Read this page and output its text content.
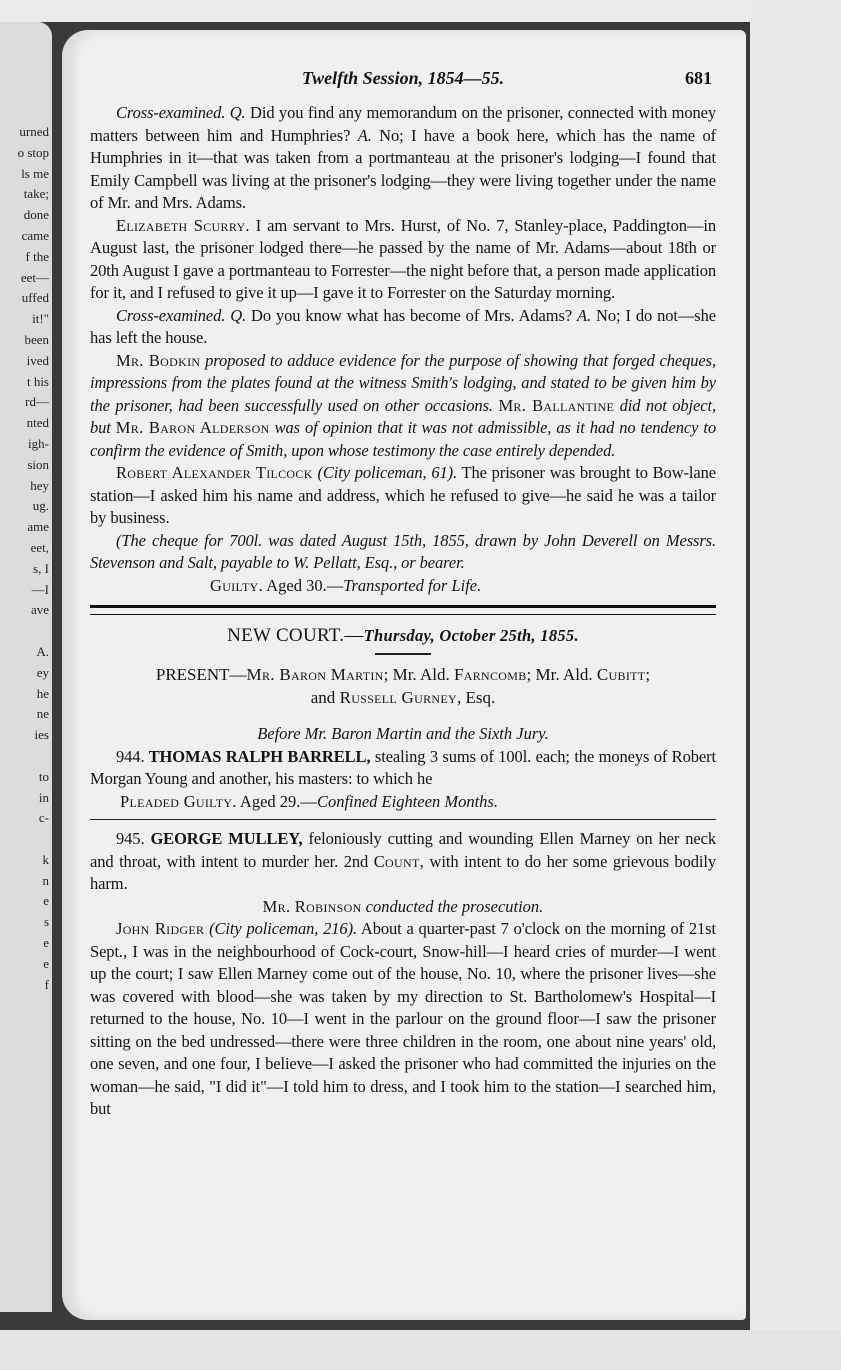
urned
o stop
ls me
take;
done
came
f the
eet—
uffed
it!"
been
ived
t his
rd—
nted
igh-
sion
hey
ug.
ame
eet,
s, I
—I
ave

A.
ey
he
ne
ies

to
in
c-

k
n
e
s
e
e
f
Twelfth Session, 1854—55.	681

Cross-examined. Q. Did you find any memorandum on the prisoner, connected with money matters between him and Humphries? A. No; I have a book here, which has the name of Humphries in it—that was taken from a portmanteau at the prisoner's lodging—I found that Emily Campbell was living at the prisoner's lodging—they were living together under the name of Mr. and Mrs. Adams.

Elizabeth Scurry. I am servant to Mrs. Hurst, of No. 7, Stanley-place, Paddington—in August last, the prisoner lodged there—he passed by the name of Mr. Adams—about 18th or 20th August I gave a portmanteau to Forrester—the night before that, a person made application for it, and I refused to give it up—I gave it to Forrester on the Saturday morning.

Cross-examined. Q. Do you know what has become of Mrs. Adams? A. No; I do not—she has left the house.

Mr. Bodkin proposed to adduce evidence for the purpose of showing that forged cheques, impressions from the plates found at the witness Smith's lodging, and stated to be given him by the prisoner, had been successfully used on other occasions. Mr. Ballantine did not object, but Mr. Baron Alderson was of opinion that it was not admissible, as it had no tendency to confirm the evidence of Smith, upon whose testimony the case entirely depended.

Robert Alexander Tilcock (City policeman, 61). The prisoner was brought to Bow-lane station—I asked him his name and address, which he refused to give—he said he was a tailor by business.

(The cheque for 700l. was dated August 15th, 1855, drawn by John Deverell on Messrs. Stevenson and Salt, payable to W. Pellatt, Esq., or bearer.

Guilty. Aged 30.—Transported for Life.

NEW COURT.—Thursday, October 25th, 1855.

PRESENT—Mr. Baron Martin; Mr. Ald. Farncomb; Mr. Ald. Cubitt;

and Russell Gurney, Esq.

Before Mr. Baron Martin and the Sixth Jury.

944. THOMAS RALPH BARRELL, stealing 3 sums of 100l. each; the moneys of Robert Morgan Young and another, his masters: to which he

Pleaded Guilty. Aged 29.—Confined Eighteen Months.

945. GEORGE MULLEY, feloniously cutting and wounding Ellen Marney on her neck and throat, with intent to murder her. 2nd Count, with intent to do her some grievous bodily harm.

Mr. Robinson conducted the prosecution.

John Ridger (City policeman, 216). About a quarter-past 7 o'clock on the morning of 21st Sept., I was in the neighbourhood of Cock-court, Snow-hill—I heard cries of murder—I went up the court; I saw Ellen Marney come out of the house, No. 10, where the prisoner lives—she was covered with blood—she was taken by my direction to St. Bartholomew's Hospital—I returned to the house, No. 10—I went in the parlour on the ground floor—I saw the prisoner sitting on the bed undressed—there were three children in the room, one about nine years' old, one seven, and one four, I believe—I asked the prisoner who had committed the injuries on the woman—he said, "I did it"—I told him to dress, and I took him to the station—I searched him, but
